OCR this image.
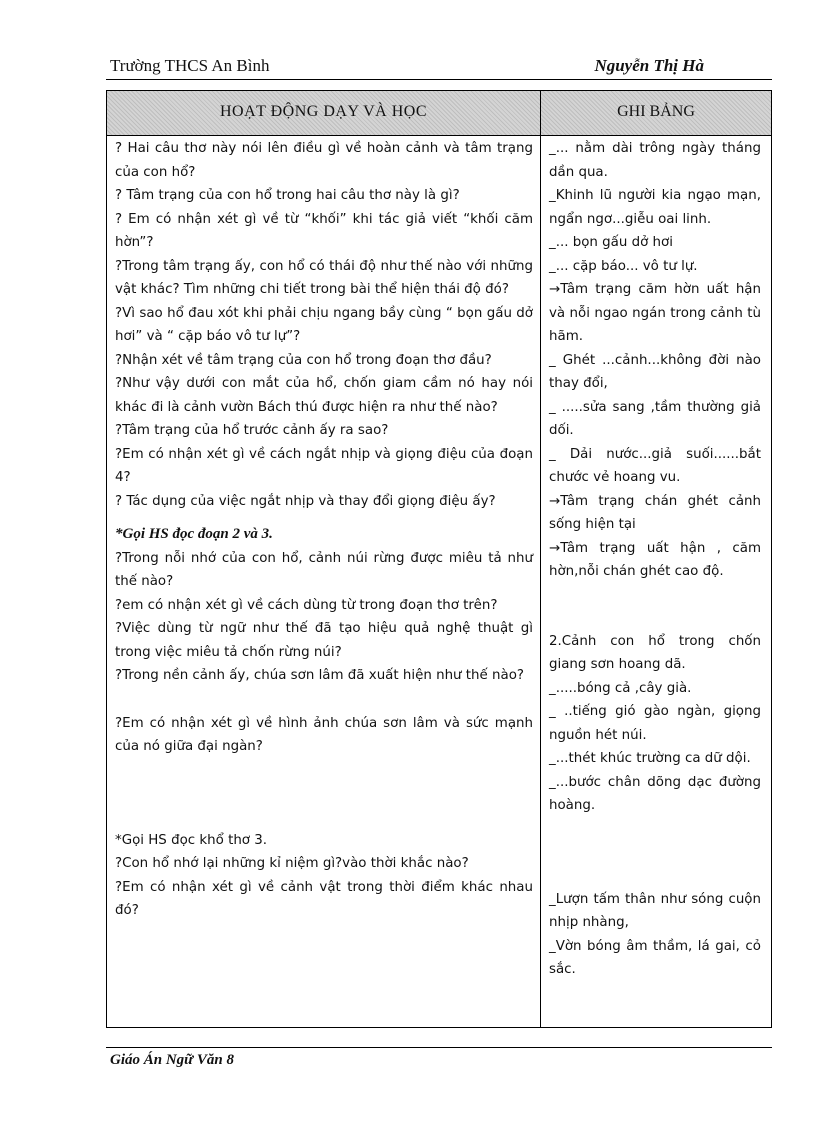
Trường THCS An Bình	Nguyễn Thị Hà
HOẠT ĐỘNG DẠY VÀ HỌC	GHI BẢNG

? Hai câu thơ này nói lên điều gì về hoàn cảnh và tâm trạng của con hổ?

? Tâm trạng của con hổ trong hai câu thơ này là gì?

? Em có nhận xét gì về từ “khối” khi tác giả viết “khối căm hờn”?

?Trong tâm trạng ấy, con hổ có thái độ như thế nào với những vật khác? Tìm những chi tiết trong bài thể hiện thái độ đó?

?Vì sao hổ đau xót khi phải chịu ngang bầy cùng “ bọn gấu dở hơi” và “ cặp báo vô tư lự”?

?Nhận xét về tâm trạng của con hổ trong đoạn thơ đầu?

?Như vậy dưới con mắt của hổ, chốn giam cầm nó hay nói khác đi là cảnh vườn Bách thú được hiện ra như thế nào?

?Tâm trạng của hổ trước cảnh ấy ra sao?

?Em có nhận xét gì về cách ngắt nhịp và giọng điệu của đoạn 4?

? Tác dụng của việc ngắt nhịp và thay đổi giọng điệu ấy?

*Gọi HS đọc đoạn 2 và 3.

?Trong nỗi nhớ của con hổ, cảnh núi rừng được miêu tả như thế nào?

?em có nhận xét gì về cách dùng từ trong đoạn thơ trên?

?Việc dùng từ ngữ như thế đã tạo hiệu quả nghệ thuật gì trong việc miêu tả chốn rừng núi?

?Trong nền cảnh ấy, chúa sơn lâm đã xuất hiện như thế nào?

?Em có nhận xét gì về hình ảnh chúa sơn lâm và sức mạnh của nó giữa đại ngàn?

*Gọi HS đọc khổ thơ 3.

?Con hổ nhớ lại những kỉ niệm gì?vào thời khắc nào?

?Em có nhận xét gì về cảnh vật trong thời điểm khác nhau đó?

_... nằm dài trông ngày tháng dần qua.

_Khinh lũ người kia ngạo mạn, ngẩn ngơ...giễu oai linh.

_... bọn gấu dở hơi

_... cặp báo... vô tư lự.

→Tâm trạng căm hờn uất hận và nỗi ngao ngán trong cảnh tù hãm.

_ Ghét ...cảnh...không đời nào thay đổi,

_ .....sửa sang ,tầm thường giả dối.

_ Dải nước...giả suối......bắt chước vẻ hoang vu.

→Tâm trạng chán ghét cảnh sống hiện tại

→Tâm trạng uất hận , căm hờn,nỗi chán ghét cao độ.

2.Cảnh con hổ trong chốn giang sơn hoang dã.

_.....bóng cả ,cây già.

_ ..tiếng gió gào ngàn, giọng nguồn hét núi.

_...thét khúc trường ca dữ dội.

_...bước chân dõng dạc đường hoàng.

_Lượn tấm thân như sóng cuộn nhịp nhàng,

_Vờn bóng âm thầm, lá gai, cỏ sắc.

Giáo Án Ngữ Văn 8
